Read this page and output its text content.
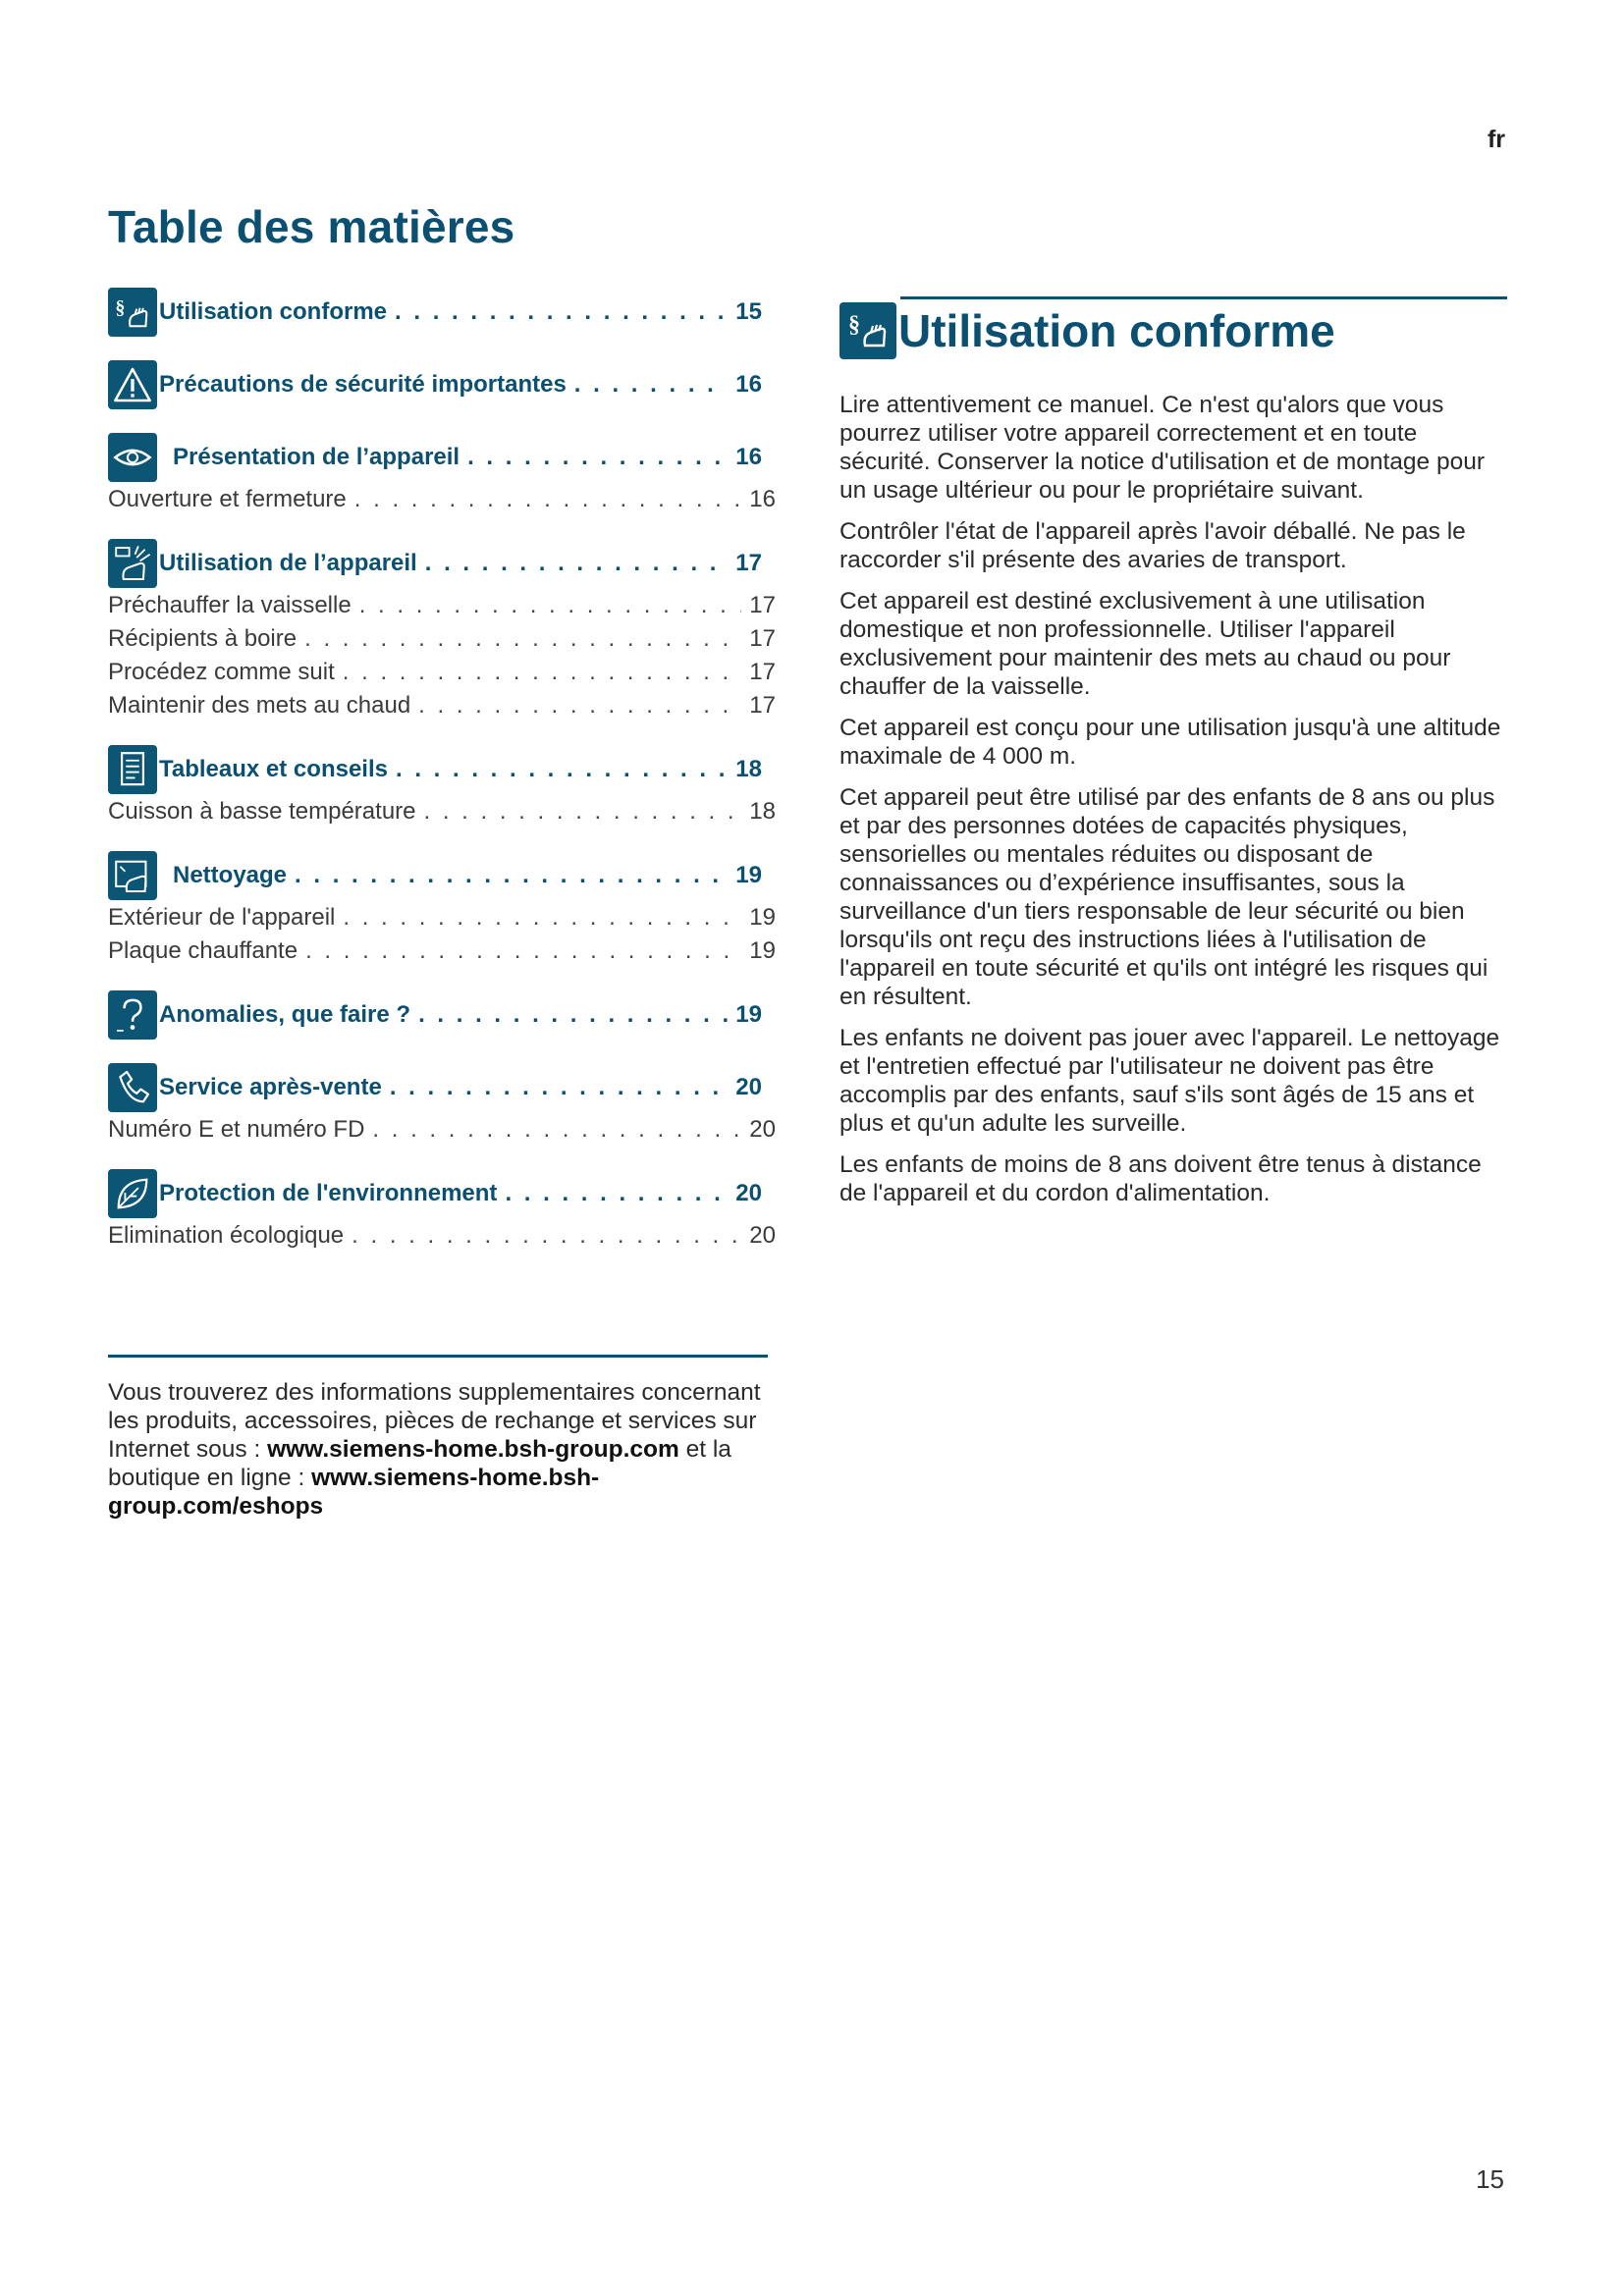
fr
Table des matières
§ Utilisation conforme . . .	15
Précautions de sécurité importantes . . .	16
Présentation de l’appareil . . .	16
Ouverture et fermeture . . .	16
Utilisation de l’appareil . . .	17
Préchauffer la vaisselle . . .	17
Récipients à boire . . .	17
Procédez comme suit . . .	17
Maintenir des mets au chaud . . .	17
Tableaux et conseils . . .	18
Cuisson à basse température . . .	18
Nettoyage . . .	19
Extérieur de l'appareil . . .	19
Plaque chauffante . . .	19
Anomalies, que faire ? . . .	19
Service après-vente . . .	20
Numéro E et numéro FD . . .	20
Protection de l'environnement . . .	20
Elimination écologique . . .	20
§ Utilisation conforme

Lire attentivement ce manuel. Ce n'est qu'alors que vous pourrez utiliser votre appareil correctement et en toute sécurité. Conserver la notice d'utilisation et de montage pour un usage ultérieur ou pour le propriétaire suivant.

Contrôler l'état de l'appareil après l'avoir déballé. Ne pas le raccorder s'il présente des avaries de transport.

Cet appareil est destiné exclusivement à une utilisation domestique et non professionnelle. Utiliser l'appareil exclusivement pour maintenir des mets au chaud ou pour chauffer de la vaisselle.

Cet appareil est conçu pour une utilisation jusqu'à une altitude maximale de 4 000 m.

Cet appareil peut être utilisé par des enfants de 8 ans ou plus et par des personnes dotées de capacités physiques, sensorielles ou mentales réduites ou disposant de connaissances ou d’expérience insuffisantes, sous la surveillance d'un tiers responsable de leur sécurité ou bien lorsqu'ils ont reçu des instructions liées à l'utilisation de l'appareil en toute sécurité et qu'ils ont intégré les risques qui en résultent.

Les enfants ne doivent pas jouer avec l'appareil. Le nettoyage et l'entretien effectué par l'utilisateur ne doivent pas être accomplis par des enfants, sauf s'ils sont âgés de 15 ans et plus et qu'un adulte les surveille.

Les enfants de moins de 8 ans doivent être tenus à distance de l'appareil et du cordon d'alimentation.

Vous trouverez des informations supplementaires concernant les produits, accessoires, pièces de rechange et services sur Internet sous : www.siemens-home.bsh-group.com et la boutique en ligne : www.siemens-home.bsh-group.com/eshops
15
